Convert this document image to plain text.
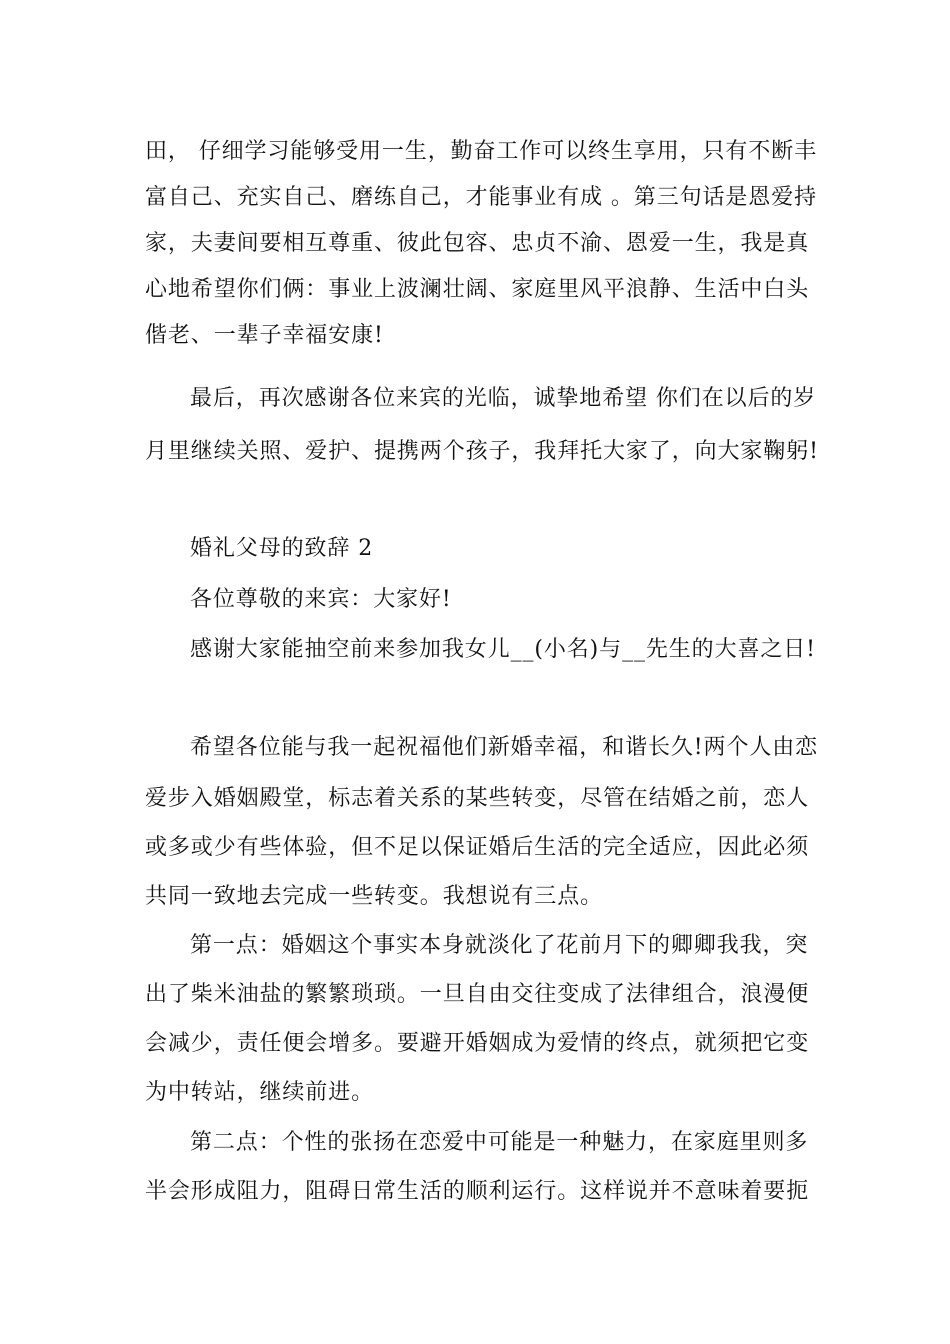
田， 仔细学习能够受用一生，勤奋工作可以终生享用，只有不断丰
富自己、充实自己、磨练自己，才能事业有成 。第三句话是恩爱持
家，夫妻间要相互尊重、彼此包容、忠贞不渝、恩爱一生，我是真
心地希望你们俩：事业上波澜壮阔、家庭里风平浪静、生活中白头
偕老、一辈子幸福安康!
最后，再次感谢各位来宾的光临，诚挚地希望 你们在以后的岁
月里继续关照、爱护、提携两个孩子，我拜托大家了，向大家鞠躬!
婚礼父母的致辞 2
各位尊敬的来宾：大家好!
感谢大家能抽空前来参加我女儿__(小名)与__先生的大喜之日!
希望各位能与我一起祝福他们新婚幸福，和谐长久!两个人由恋
爱步入婚姻殿堂，标志着关系的某些转变，尽管在结婚之前，恋人
或多或少有些体验，但不足以保证婚后生活的完全适应，因此必须
共同一致地去完成一些转变。我想说有三点。
第一点：婚姻这个事实本身就淡化了花前月下的卿卿我我，突
出了柴米油盐的繁繁琐琐。一旦自由交往变成了法律组合，浪漫便
会减少，责任便会增多。要避开婚姻成为爱情的终点，就须把它变
为中转站，继续前进。
第二点：个性的张扬在恋爱中可能是一种魅力，在家庭里则多
半会形成阻力，阻碍日常生活的顺利运行。这样说并不意味着要扼
